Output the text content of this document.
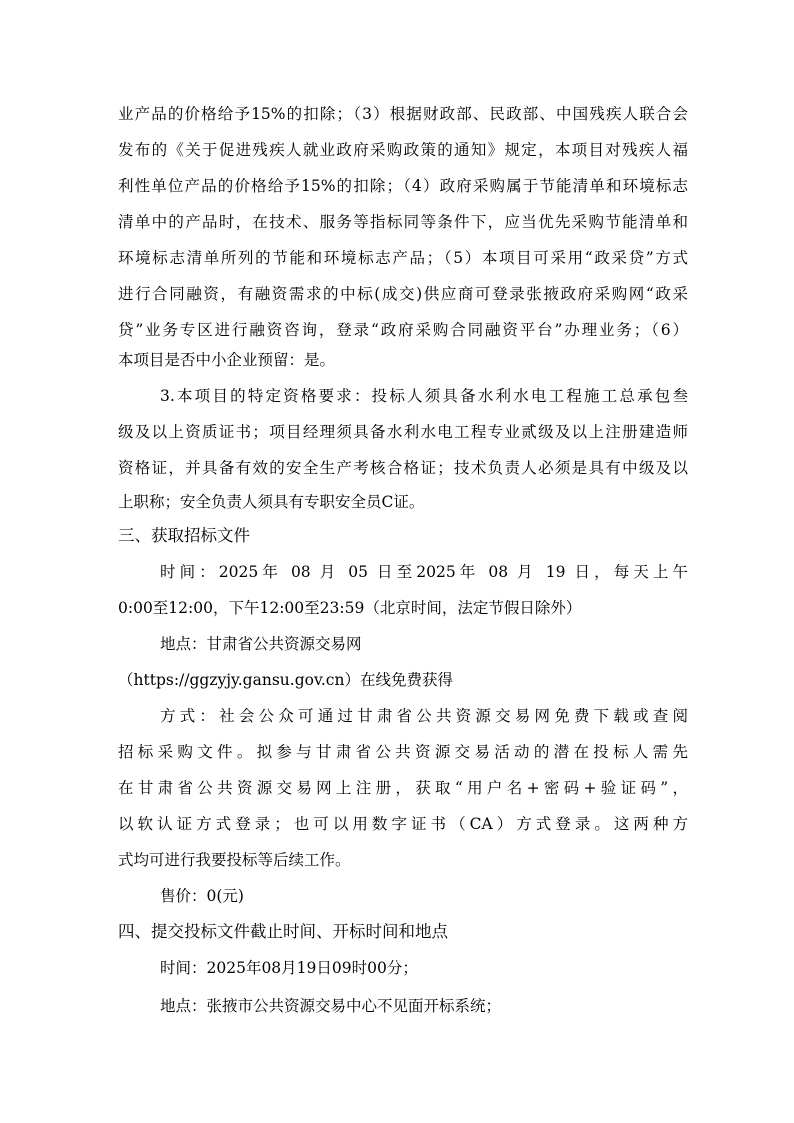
业产品的价格给予15%的扣除；（3）根据财政部、民政部、中国残疾人联合会
发布的《关于促进残疾人就业政府采购政策的通知》规定，本项目对残疾人福
利性单位产品的价格给予15%的扣除；（4）政府采购属于节能清单和环境标志
清单中的产品时，在技术、服务等指标同等条件下，应当优先采购节能清单和
环境标志清单所列的节能和环境标志产品；（5）本项目可采用“政采贷”方式
进行合同融资，有融资需求的中标(成交)供应商可登录张掖政府采购网“政采
贷”业务专区进行融资咨询，登录“政府采购合同融资平台”办理业务；（6）
本项目是否中小企业预留：是。
3.本项目的特定资格要求：投标人须具备水利水电工程施工总承包叁
级及以上资质证书；项目经理须具备水利水电工程专业贰级及以上注册建造师
资格证，并具备有效的安全生产考核合格证；技术负责人必须是具有中级及以
上职称；安全负责人须具有专职安全员C证。
三、获取招标文件
时间：2025年 08 月 05 日至2025年 08 月 19 日，每天上午
0:00至12:00，下午12:00至23:59（北京时间，法定节假日除外）
地点：甘肃省公共资源交易网
（https://ggzyjy.gansu.gov.cn）在线免费获得
方式：社会公众可通过甘肃省公共资源交易网免费下载或查阅
招标采购文件。拟参与甘肃省公共资源交易活动的潜在投标人需先
在甘肃省公共资源交易网上注册，获取“用户名+密码+验证码”，
以软认证方式登录；也可以用数字证书（CA）方式登录。这两种方
式均可进行我要投标等后续工作。
售价：0(元)
四、提交投标文件截止时间、开标时间和地点
时间：2025年08月19日09时00分；
地点：张掖市公共资源交易中心不见面开标系统；
